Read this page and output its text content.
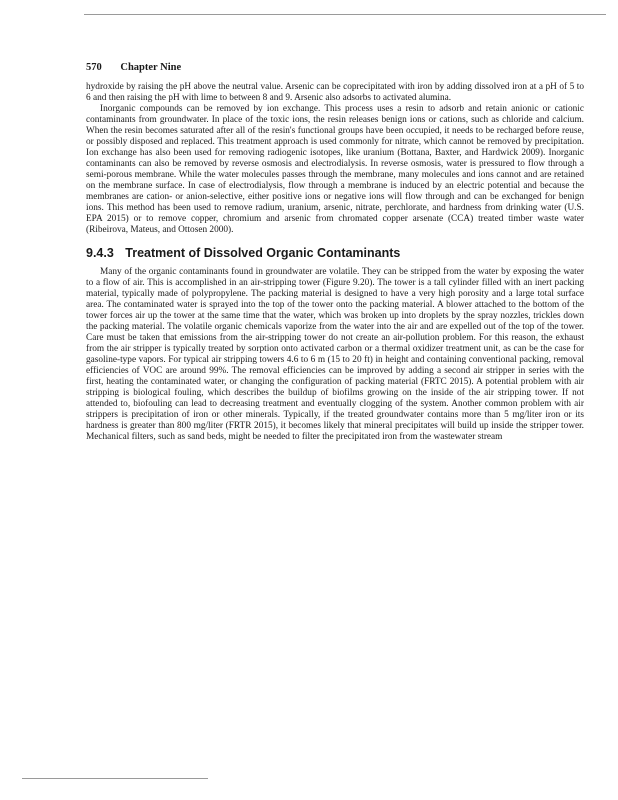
570 Chapter Nine

hydroxide by raising the pH above the neutral value. Arsenic can be coprecipitated with iron by adding dissolved iron at a pH of 5 to 6 and then raising the pH with lime to between 8 and 9. Arsenic also adsorbs to activated alumina.

Inorganic compounds can be removed by ion exchange. This process uses a resin to adsorb and retain anionic or cationic contaminants from groundwater. In place of the toxic ions, the resin releases benign ions or cations, such as chloride and calcium. When the resin becomes saturated after all of the resin's functional groups have been occupied, it needs to be recharged before reuse, or possibly disposed and replaced. This treatment approach is used commonly for nitrate, which cannot be removed by precipitation. Ion exchange has also been used for removing radiogenic isotopes, like uranium (Bottana, Baxter, and Hardwick 2009). Inorganic contaminants can also be removed by reverse osmosis and electrodialysis. In reverse osmosis, water is pressured to flow through a semi-porous membrane. While the water molecules passes through the membrane, many molecules and ions cannot and are retained on the membrane surface. In case of electrodialysis, flow through a membrane is induced by an electric potential and because the membranes are cation- or anion-selective, either positive ions or negative ions will flow through and can be exchanged for benign ions. This method has been used to remove radium, uranium, arsenic, nitrate, perchlorate, and hardness from drinking water (U.S. EPA 2015) or to remove copper, chromium and arsenic from chromated copper arsenate (CCA) treated timber waste water (Ribeirova, Mateus, and Ottosen 2000).

9.4.3 Treatment of Dissolved Organic Contaminants

Many of the organic contaminants found in groundwater are volatile. They can be stripped from the water by exposing the water to a flow of air. This is accomplished in an air-stripping tower (Figure 9.20). The tower is a tall cylinder filled with an inert packing material, typically made of polypropylene. The packing material is designed to have a very high porosity and a large total surface area. The contaminated water is sprayed into the top of the tower onto the packing material. A blower attached to the bottom of the tower forces air up the tower at the same time that the water, which was broken up into droplets by the spray nozzles, trickles down the packing material. The volatile organic chemicals vaporize from the water into the air and are expelled out of the top of the tower. Care must be taken that emissions from the air-stripping tower do not create an air-pollution problem. For this reason, the exhaust from the air stripper is typically treated by sorption onto activated carbon or a thermal oxidizer treatment unit, as can be the case for gasoline-type vapors. For typical air stripping towers 4.6 to 6 m (15 to 20 ft) in height and containing conventional packing, removal efficiencies of VOC are around 99%. The removal efficiencies can be improved by adding a second air stripper in series with the first, heating the contaminated water, or changing the configuration of packing material (FRTC 2015). A potential problem with air stripping is biological fouling, which describes the buildup of biofilms growing on the inside of the air stripping tower. If not attended to, biofouling can lead to decreasing treatment and eventually clogging of the system. Another common problem with air strippers is precipitation of iron or other minerals. Typically, if the treated groundwater contains more than 5 mg/liter iron or its hardness is greater than 800 mg/liter (FRTR 2015), it becomes likely that mineral precipitates will build up inside the stripper tower. Mechanical filters, such as sand beds, might be needed to filter the precipitated iron from the wastewater stream
